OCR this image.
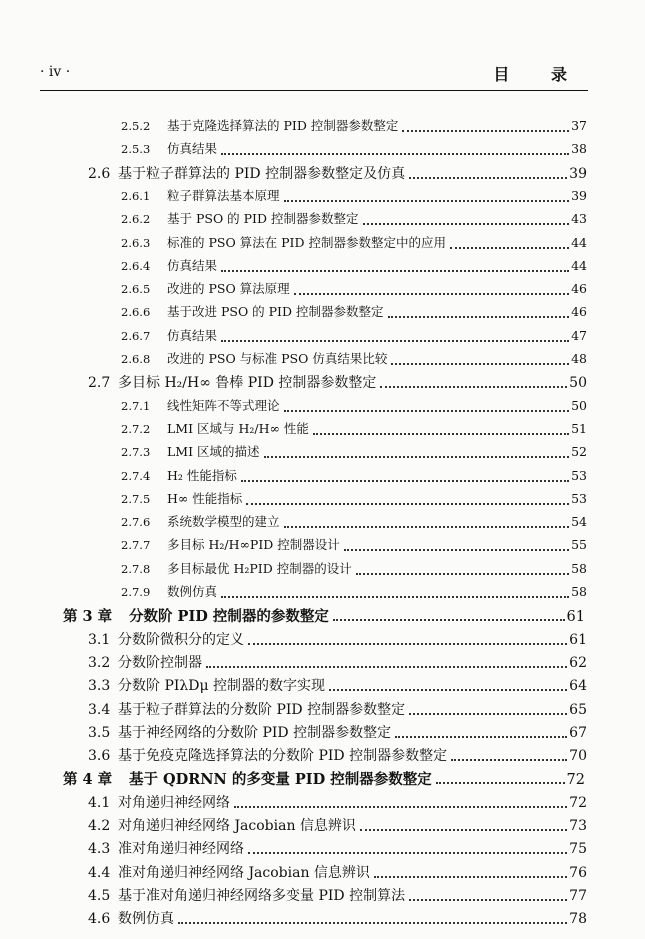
· iv ·	目 录
2.5.2	基于克隆选择算法的 PID 控制器参数整定	37
2.5.3	仿真结果	38
2.6 基于粒子群算法的 PID 控制器参数整定及仿真	39
2.6.1	粒子群算法基本原理	39
2.6.2	基于 PSO 的 PID 控制器参数整定	43
2.6.3	标准的 PSO 算法在 PID 控制器参数整定中的应用	44
2.6.4	仿真结果	44
2.6.5	改进的 PSO 算法原理	46
2.6.6	基于改进 PSO 的 PID 控制器参数整定	46
2.6.7	仿真结果	47
2.6.8	改进的 PSO 与标准 PSO 仿真结果比较	48
2.7 多目标 H₂/H∞ 鲁棒 PID 控制器参数整定	50
2.7.1	线性矩阵不等式理论	50
2.7.2	LMI 区域与 H₂/H∞ 性能	51
2.7.3	LMI 区域的描述	52
2.7.4	H₂ 性能指标	53
2.7.5	H∞ 性能指标	53
2.7.6	系统数学模型的建立	54
2.7.7	多目标 H₂/H∞PID 控制器设计	55
2.7.8	多目标最优 H₂PID 控制器的设计	58
2.7.9	数例仿真	58
第 3 章	分数阶 PID 控制器的参数整定	61
3.1 分数阶微积分的定义	61
3.2 分数阶控制器	62
3.3 分数阶 PIλDμ 控制器的数字实现	64
3.4 基于粒子群算法的分数阶 PID 控制器参数整定	65
3.5 基于神经网络的分数阶 PID 控制器参数整定	67
3.6 基于免疫克隆选择算法的分数阶 PID 控制器参数整定	70
第 4 章	基于 QDRNN 的多变量 PID 控制器参数整定	72
4.1 对角递归神经网络	72
4.2 对角递归神经网络 Jacobian 信息辨识	73
4.3 准对角递归神经网络	75
4.4 准对角递归神经网络 Jacobian 信息辨识	76
4.5 基于准对角递归神经网络多变量 PID 控制算法	77
4.6 数例仿真	78
